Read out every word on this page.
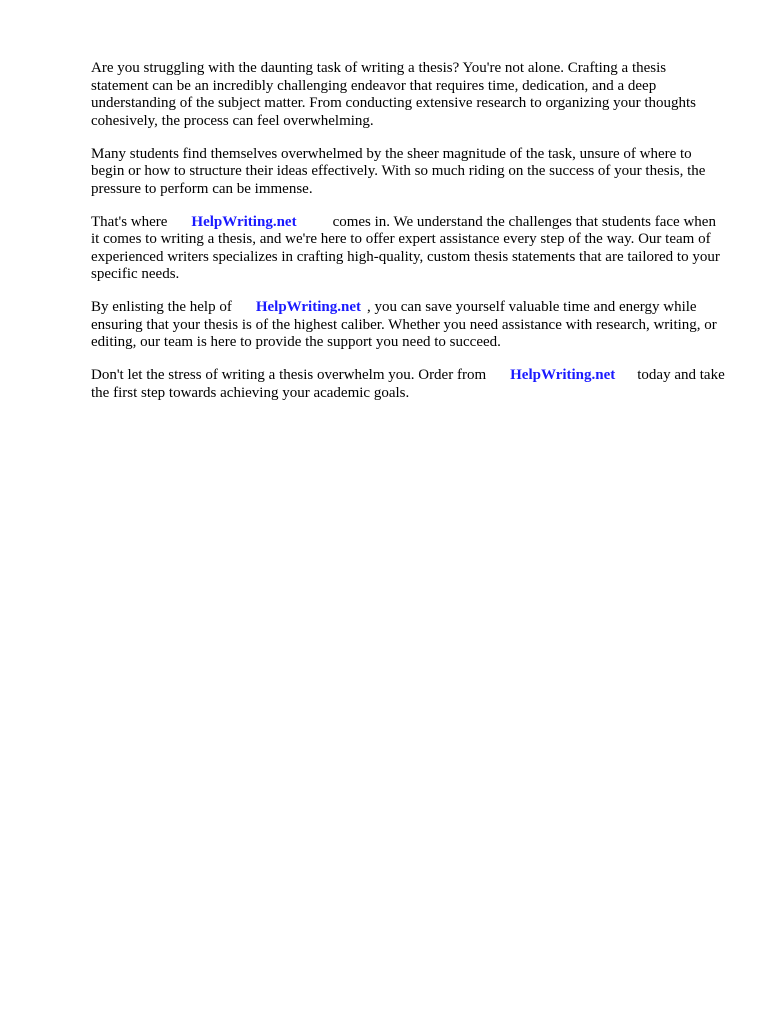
Are you struggling with the daunting task of writing a thesis? You're not alone. Crafting a thesis statement can be an incredibly challenging endeavor that requires time, dedication, and a deep understanding of the subject matter. From conducting extensive research to organizing your thoughts cohesively, the process can feel overwhelming.

Many students find themselves overwhelmed by the sheer magnitude of the task, unsure of where to begin or how to structure their ideas effectively. With so much riding on the success of your thesis, the pressure to perform can be immense.

That's where HelpWriting.net comes in. We understand the challenges that students face when it comes to writing a thesis, and we're here to offer expert assistance every step of the way. Our team of experienced writers specializes in crafting high-quality, custom thesis statements that are tailored to your specific needs.

By enlisting the help of HelpWriting.net , you can save yourself valuable time and energy while ensuring that your thesis is of the highest caliber. Whether you need assistance with research, writing, or editing, our team is here to provide the support you need to succeed.

Don't let the stress of writing a thesis overwhelm you. Order from HelpWriting.net today and take the first step towards achieving your academic goals.
